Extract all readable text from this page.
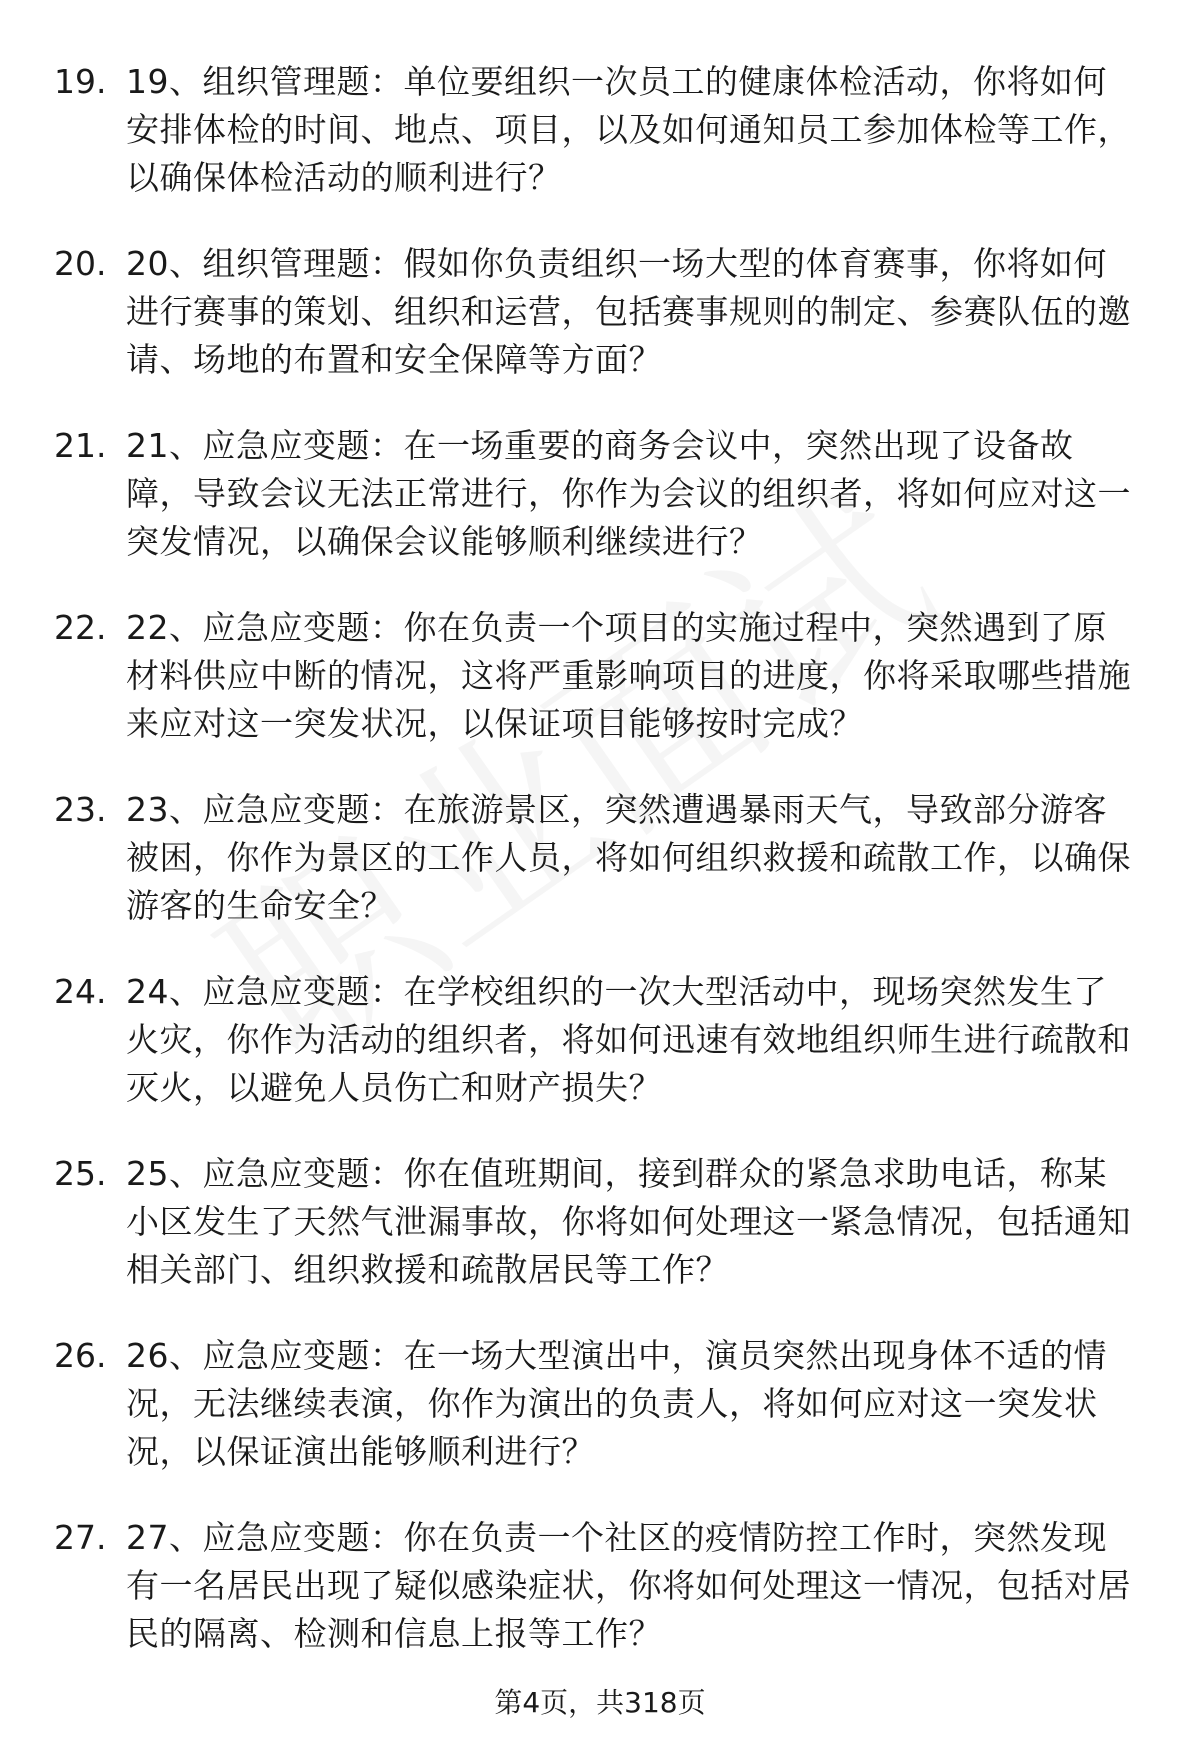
19. 19、组织管理题：单位要组织一次员工的健康体检活动，你将如何安排体检的时间、地点、项目，以及如何通知员工参加体检等工作，以确保体检活动的顺利进行？
20. 20、组织管理题：假如你负责组织一场大型的体育赛事，你将如何进行赛事的策划、组织和运营，包括赛事规则的制定、参赛队伍的邀请、场地的布置和安全保障等方面？
21. 21、应急应变题：在一场重要的商务会议中，突然出现了设备故障，导致会议无法正常进行，你作为会议的组织者，将如何应对这一突发情况，以确保会议能够顺利继续进行？
22. 22、应急应变题：你在负责一个项目的实施过程中，突然遇到了原材料供应中断的情况，这将严重影响项目的进度，你将采取哪些措施来应对这一突发状况，以保证项目能够按时完成？
23. 23、应急应变题：在旅游景区，突然遭遇暴雨天气，导致部分游客被困，你作为景区的工作人员，将如何组织救援和疏散工作，以确保游客的生命安全？
24. 24、应急应变题：在学校组织的一次大型活动中，现场突然发生了火灾，你作为活动的组织者，将如何迅速有效地组织师生进行疏散和灭火，以避免人员伤亡和财产损失？
25. 25、应急应变题：你在值班期间，接到群众的紧急求助电话，称某小区发生了天然气泄漏事故，你将如何处理这一紧急情况，包括通知相关部门、组织救援和疏散居民等工作？
26. 26、应急应变题：在一场大型演出中，演员突然出现身体不适的情况，无法继续表演，你作为演出的负责人，将如何应对这一突发状况，以保证演出能够顺利进行？
27. 27、应急应变题：你在负责一个社区的疫情防控工作时，突然发现有一名居民出现了疑似感染症状，你将如何处理这一情况，包括对居民的隔离、检测和信息上报等工作？
第4页，共318页
